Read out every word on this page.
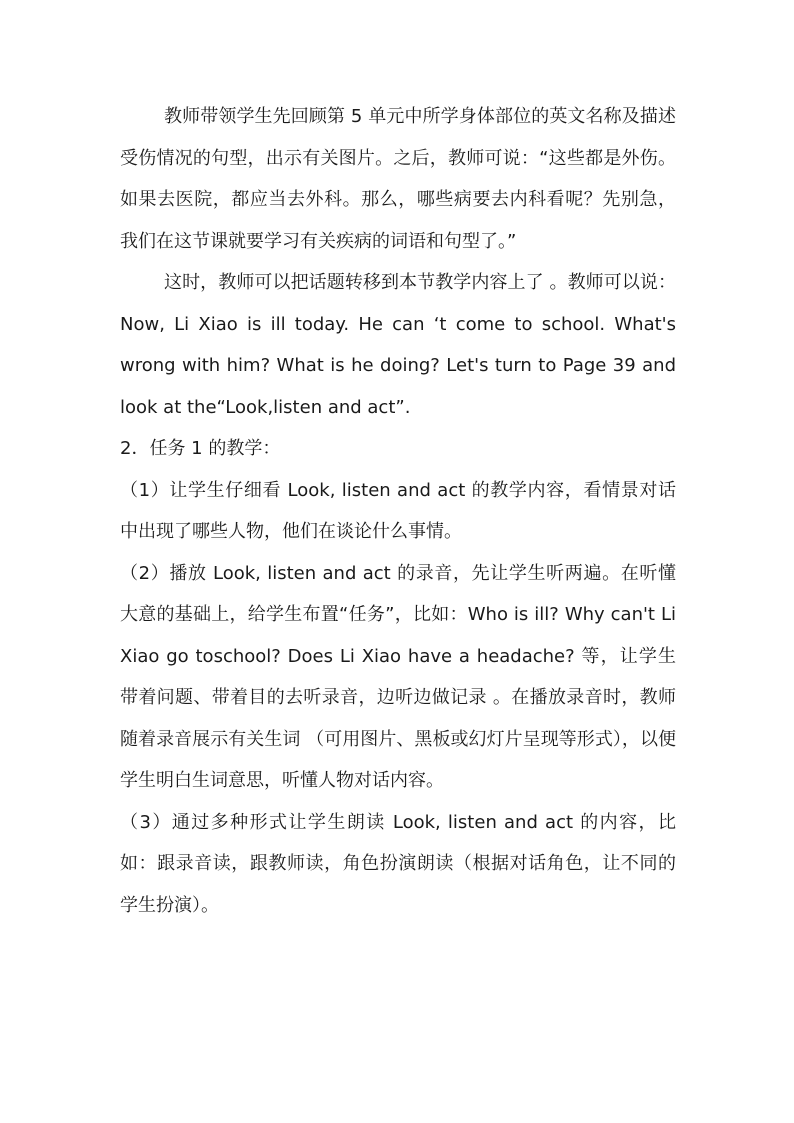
教师带领学生先回顾第 5 单元中所学身体部位的英文名称及描述受伤情况的句型，出示有关图片。之后，教师可说：“这些都是外伤。如果去医院，都应当去外科。那么，哪些病要去内科看呢？先别急，我们在这节课就要学习有关疾病的词语和句型了。”

这时，教师可以把话题转移到本节教学内容上了 。教师可以说：Now, Li Xiao is ill today. He can ‘t come to school. What's wrong with him? What is he doing? Let's turn to Page 39 and look at the“Look,listen and act”.

2．任务 1 的教学：

（1）让学生仔细看 Look, listen and act 的教学内容，看情景对话中出现了哪些人物，他们在谈论什么事情。

（2）播放 Look, listen and act 的录音，先让学生听两遍。在听懂大意的基础上，给学生布置“任务”，比如：Who is ill? Why can't Li Xiao go toschool? Does Li Xiao have a headache? 等，让学生带着问题、带着目的去听录音，边听边做记录 。在播放录音时，教师随着录音展示有关生词 （可用图片、黑板或幻灯片呈现等形式），以便学生明白生词意思，听懂人物对话内容。

（3）通过多种形式让学生朗读 Look, listen and act 的内容，比如：跟录音读，跟教师读，角色扮演朗读（根据对话角色，让不同的学生扮演）。
